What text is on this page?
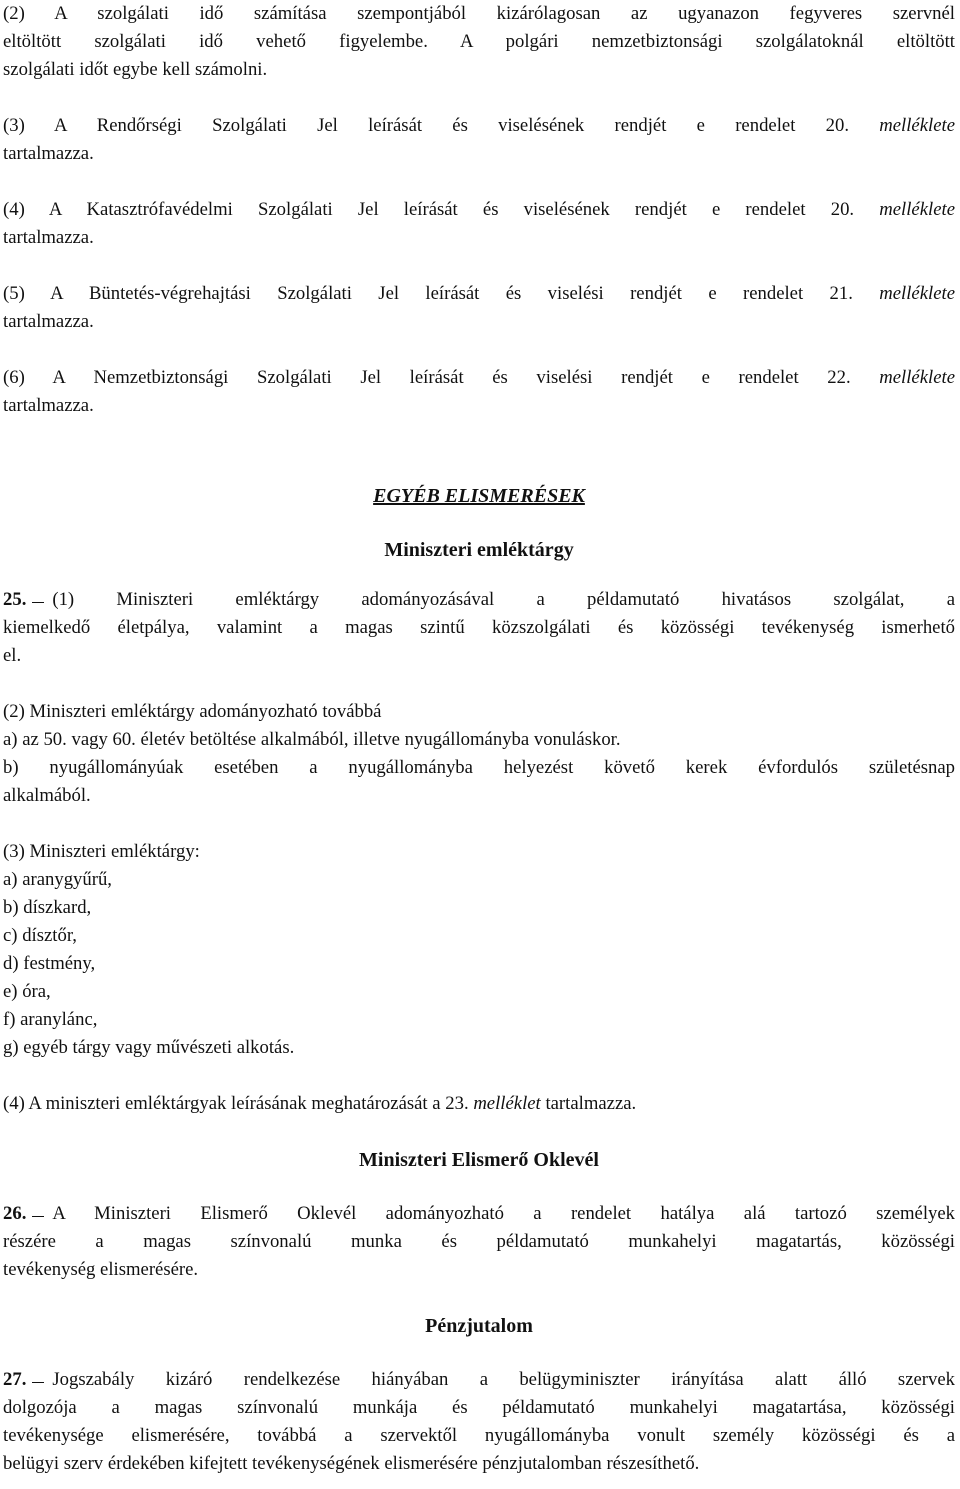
(2) A szolgálati idő számítása szempontjából kizárólagosan az ugyanazon fegyveres szervnél

eltöltött szolgálati idő vehető figyelembe. A polgári nemzetbiztonsági szolgálatoknál eltöltött

szolgálati időt egybe kell számolni.

(3) A Rendőrségi Szolgálati Jel leírását és viselésének rendjét e rendelet 20. melléklete

tartalmazza.

(4) A Katasztrófavédelmi Szolgálati Jel leírását és viselésének rendjét e rendelet 20. melléklete

tartalmazza.

(5) A Büntetés-végrehajtási Szolgálati Jel leírását és viselési rendjét e rendelet 21. melléklete

tartalmazza.

(6) A Nemzetbiztonsági Szolgálati Jel leírását és viselési rendjét e rendelet 22. melléklete

tartalmazza.

EGYÉB ELISMERÉSEK

Miniszteri emléktárgy

25. (1) Miniszteri emléktárgy adományozásával a példamutató hivatásos szolgálat, a

kiemelkedő életpálya, valamint a magas szintű közszolgálati és közösségi tevékenység ismerhető

el.

(2) Miniszteri emléktárgy adományozható továbbá

a) az 50. vagy 60. életév betöltése alkalmából, illetve nyugállományba vonuláskor.

b) nyugállományúak esetében a nyugállományba helyezést követő kerek évfordulós születésnap

alkalmából.

(3) Miniszteri emléktárgy:

a) aranygyűrű,

b) díszkard,

c) dísztőr,

d) festmény,

e) óra,

f) aranylánc,

g) egyéb tárgy vagy művészeti alkotás.

(4) A miniszteri emléktárgyak leírásának meghatározását a 23. melléklet tartalmazza.

Miniszteri Elismerő Oklevél

26. A Miniszteri Elismerő Oklevél adományozható a rendelet hatálya alá tartozó személyek

részére a magas színvonalú munka és példamutató munkahelyi magatartás, közösségi

tevékenység elismerésére.

Pénzjutalom

27. Jogszabály kizáró rendelkezése hiányában a belügyminiszter irányítása alatt álló szervek

dolgozója a magas színvonalú munkája és példamutató munkahelyi magatartása, közösségi

tevékenysége elismerésére, továbbá a szervektől nyugállományba vonult személy közösségi és a

belügyi szerv érdekében kifejtett tevékenységének elismerésére pénzjutalomban részesíthető.
